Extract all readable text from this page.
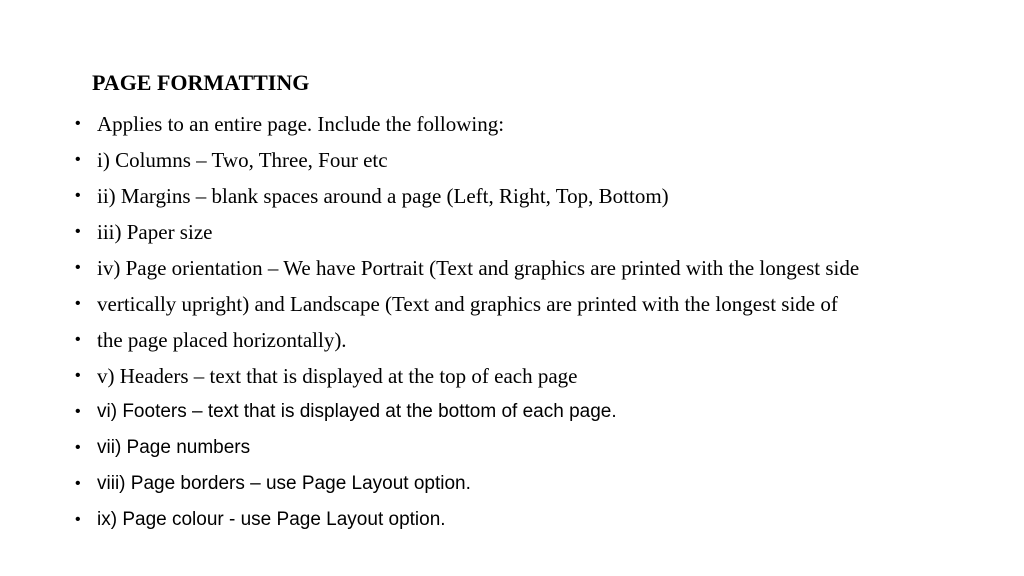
PAGE FORMATTING
• Applies to an entire page. Include the following:
• i) Columns – Two, Three, Four etc
• ii) Margins – blank spaces around a page (Left, Right, Top, Bottom)
• iii) Paper size
• iv) Page orientation – We have Portrait (Text and graphics are printed with the longest side
• vertically upright) and Landscape (Text and graphics are printed with the longest side of
• the page placed horizontally).
• v) Headers – text that is displayed at the top of each page
• vi) Footers – text that is displayed at the bottom of each page.
• vii) Page numbers
• viii) Page borders – use Page Layout option.
• ix) Page colour - use Page Layout option.
